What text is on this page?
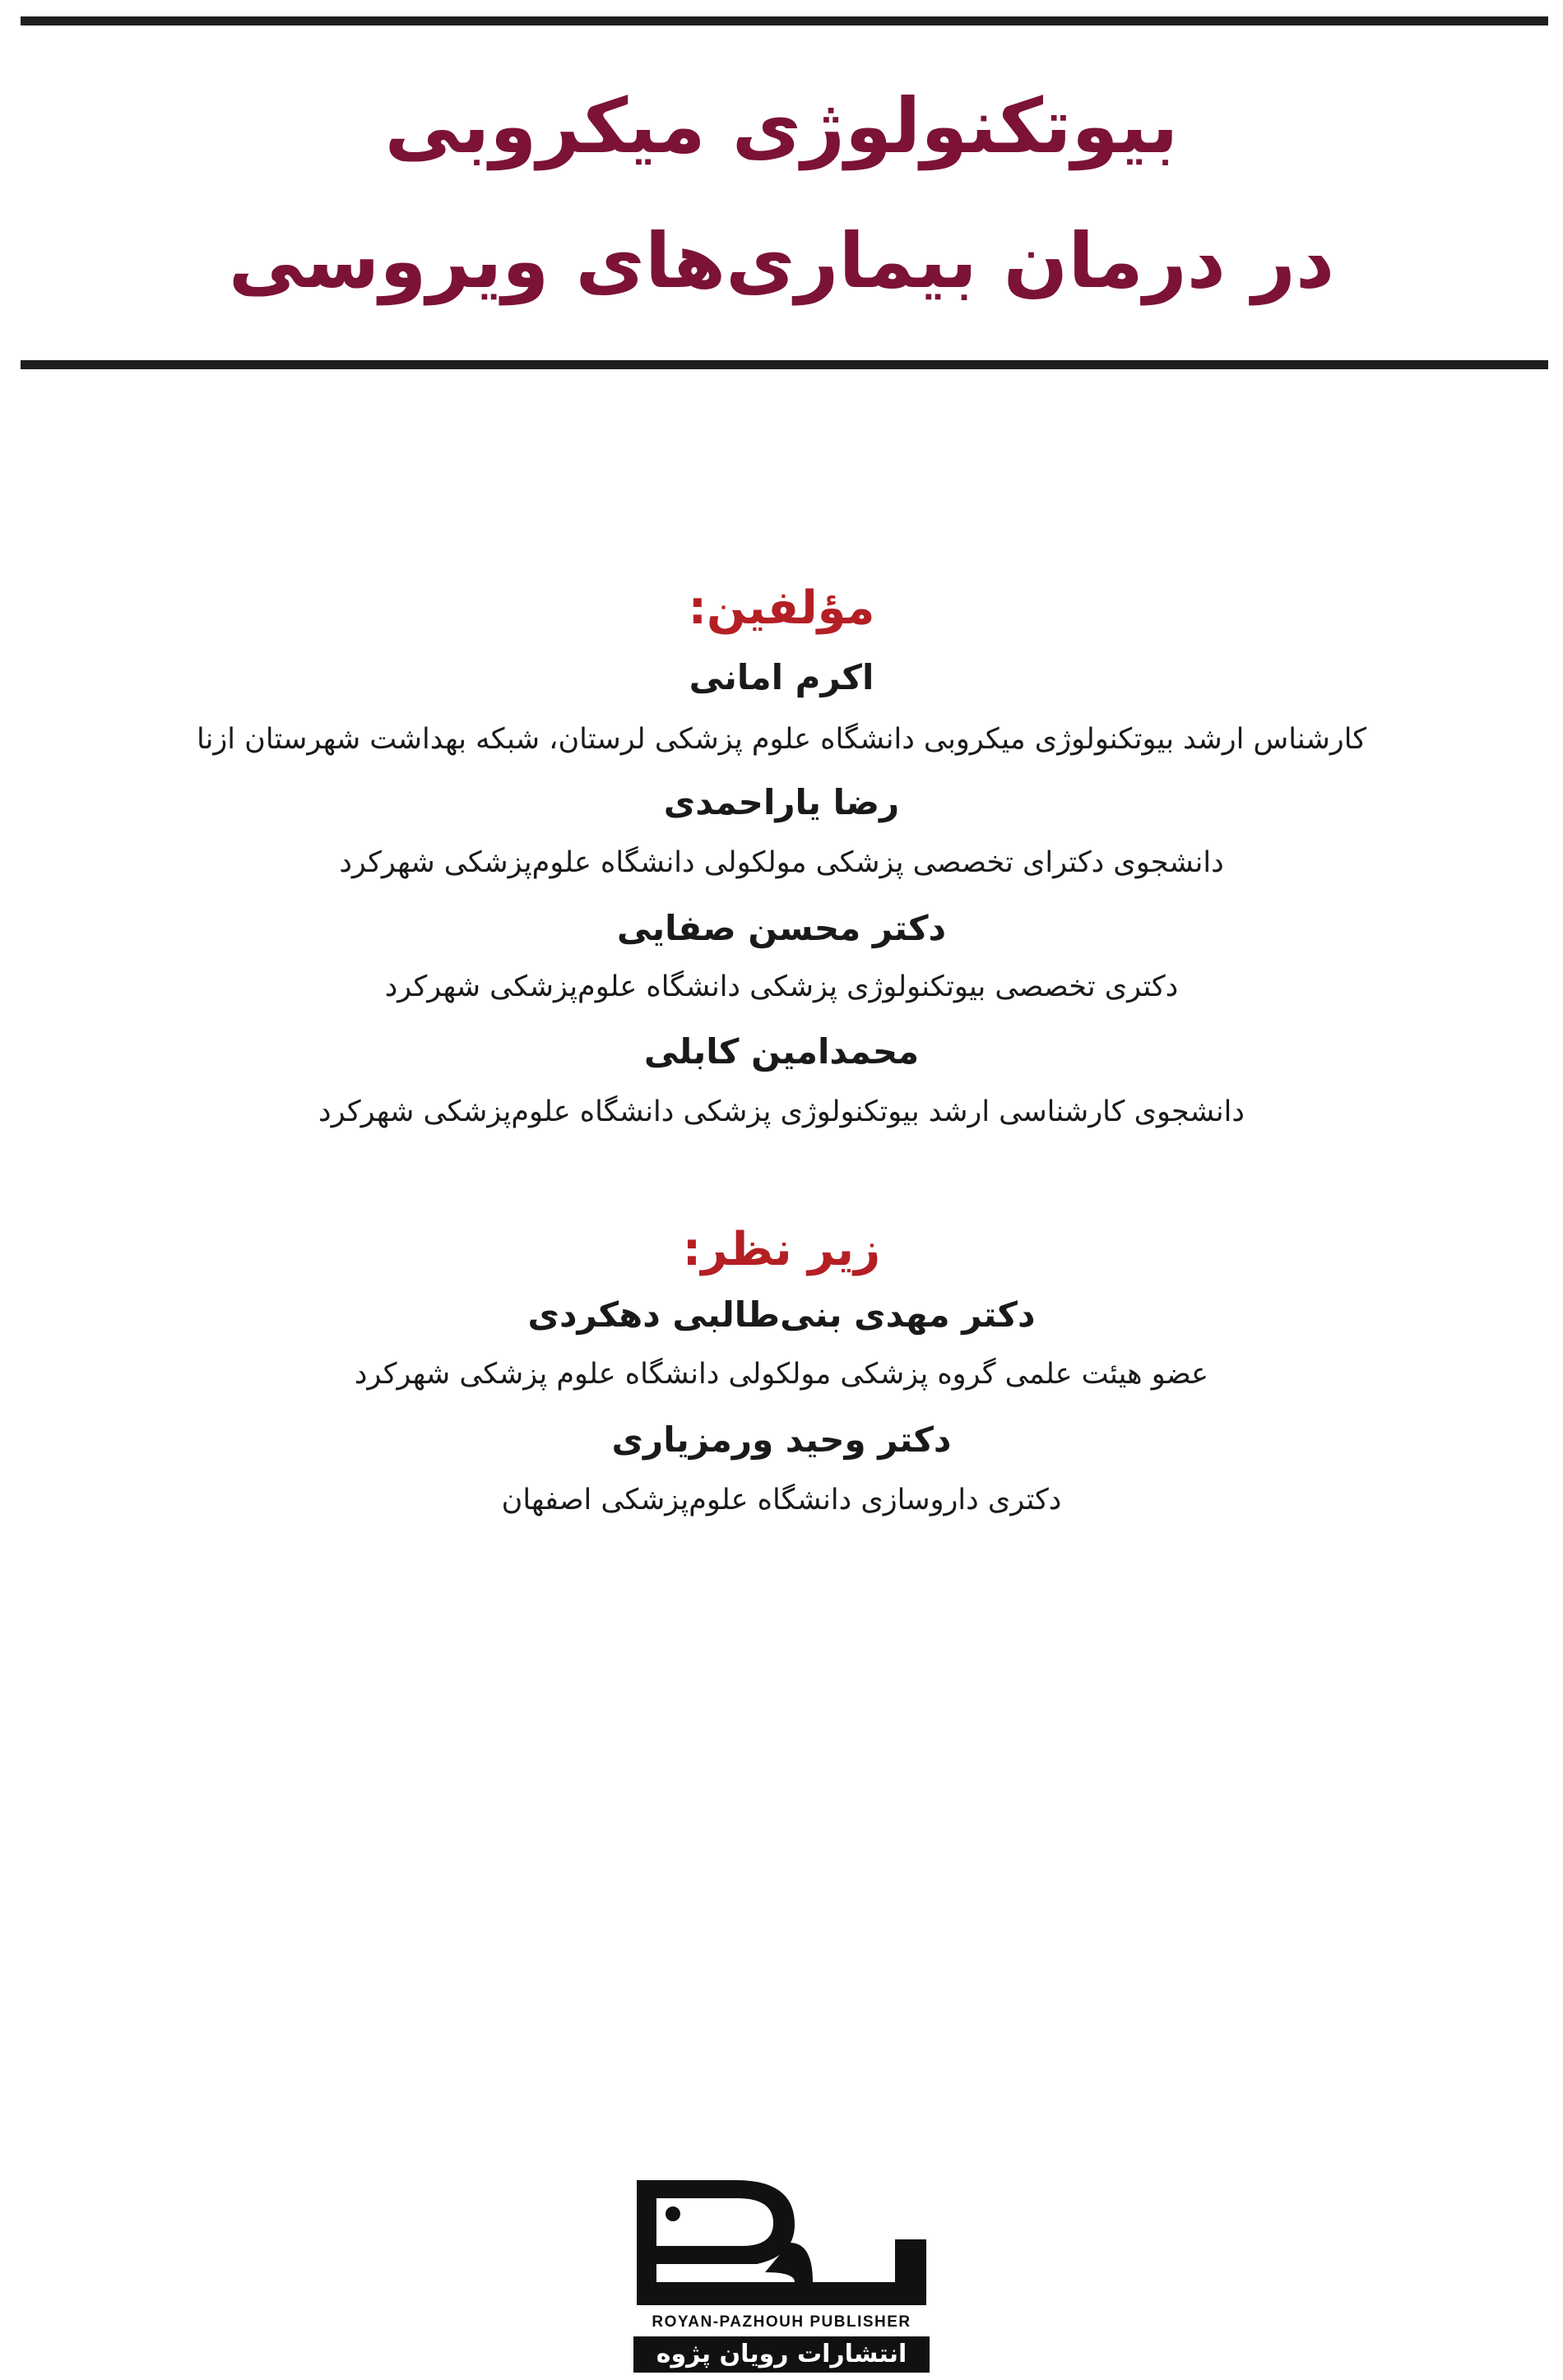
بیوتکنولوژی میکروبی
در درمان بیماری‌های ویروسی
مؤلفین:
اکرم امانی
کارشناس ارشد بیوتکنولوژی میکروبی دانشگاه علوم پزشکی لرستان، شبکه بهداشت شهرستان ازنا
رضا یاراحمدی
دانشجوی دکترای تخصصی پزشکی مولکولی دانشگاه علوم‌پزشکی شهرکرد
دکتر محسن صفایی
دکتری تخصصی بیوتکنولوژی پزشکی دانشگاه علوم‌پزشکی شهرکرد
محمدامین کابلی
دانشجوی کارشناسی ارشد بیوتکنولوژی پزشکی دانشگاه علوم‌پزشکی شهرکرد
زیر نظر:
دکتر مهدی بنی‌طالبی دهکردی
عضو هیئت علمی گروه پزشکی مولکولی دانشگاه علوم پزشکی شهرکرد
دکتر وحید ورمزیاری
دکتری داروسازی دانشگاه علوم‌پزشکی اصفهان
ROYAN-PAZHOUH PUBLISHER
انتشارات رویان پژوه
